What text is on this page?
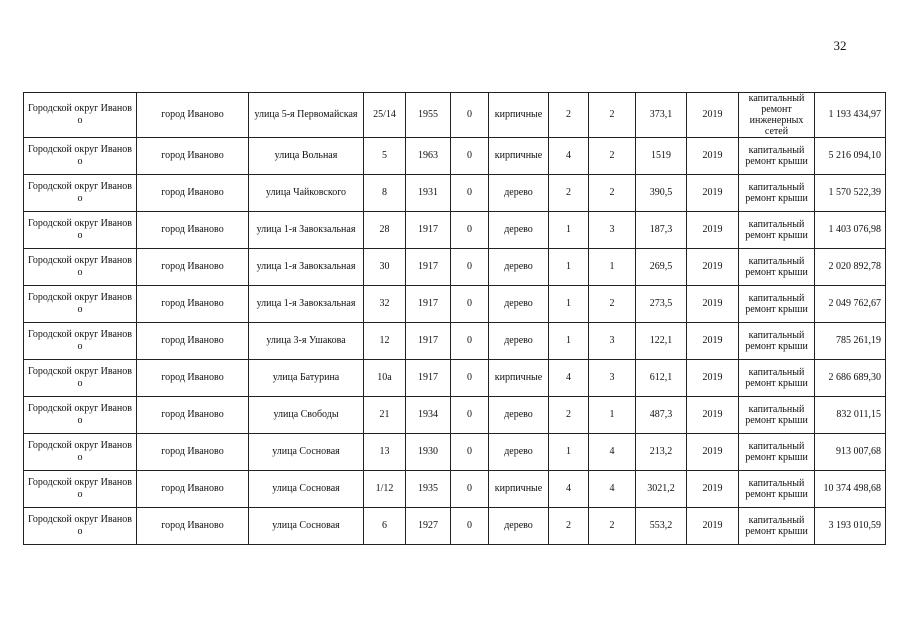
32
Городской округ Иваново	город Иваново	улица 5-я Первомайская	25/14	1955	0	кирпичные	2	2	373,1	2019	капитальный ремонт инженерных сетей	1 193 434,97
Городской округ Иваново	город Иваново	улица Вольная	5	1963	0	кирпичные	4	2	1519	2019	капитальный ремонт крыши	5 216 094,10
Городской округ Иваново	город Иваново	улица Чайковского	8	1931	0	дерево	2	2	390,5	2019	капитальный ремонт крыши	1 570 522,39
Городской округ Иваново	город Иваново	улица 1-я Завокзальная	28	1917	0	дерево	1	3	187,3	2019	капитальный ремонт крыши	1 403 076,98
Городской округ Иваново	город Иваново	улица 1-я Завокзальная	30	1917	0	дерево	1	1	269,5	2019	капитальный ремонт крыши	2 020 892,78
Городской округ Иваново	город Иваново	улица 1-я Завокзальная	32	1917	0	дерево	1	2	273,5	2019	капитальный ремонт крыши	2 049 762,67
Городской округ Иваново	город Иваново	улица 3-я Ушакова	12	1917	0	дерево	1	3	122,1	2019	капитальный ремонт крыши	785 261,19
Городской округ Иваново	город Иваново	улица Батурина	10а	1917	0	кирпичные	4	3	612,1	2019	капитальный ремонт крыши	2 686 689,30
Городской округ Иваново	город Иваново	улица Свободы	21	1934	0	дерево	2	1	487,3	2019	капитальный ремонт крыши	832 011,15
Городской округ Иваново	город Иваново	улица Сосновая	13	1930	0	дерево	1	4	213,2	2019	капитальный ремонт крыши	913 007,68
Городской округ Иваново	город Иваново	улица Сосновая	1/12	1935	0	кирпичные	4	4	3021,2	2019	капитальный ремонт крыши	10 374 498,68
Городской округ Иваново	город Иваново	улица Сосновая	6	1927	0	дерево	2	2	553,2	2019	капитальный ремонт крыши	3 193 010,59
